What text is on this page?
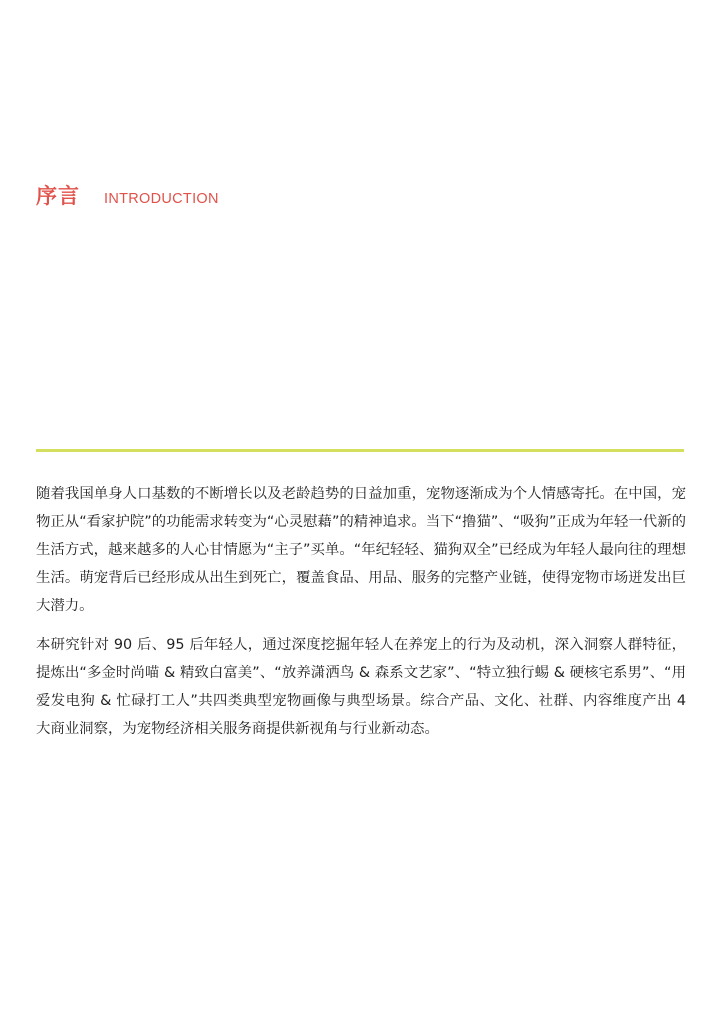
序言 INTRODUCTION

随着我国单身人口基数的不断增长以及老龄趋势的日益加重，宠物逐渐成为个人情感寄托。在中国，宠物正从“看家护院”的功能需求转变为“心灵慰藉”的精神追求。当下“撸猫”、“吸狗”正成为年轻一代新的生活方式，越来越多的人心甘情愿为“主子”买单。“年纪轻轻、猫狗双全”已经成为年轻人最向往的理想生活。萌宠背后已经形成从出生到死亡，覆盖食品、用品、服务的完整产业链，使得宠物市场迸发出巨大潜力。

本研究针对 90 后、95 后年轻人，通过深度挖掘年轻人在养宠上的行为及动机，深入洞察人群特征，提炼出“多金时尚喵 & 精致白富美”、“放养潇洒鸟 & 森系文艺家”、“特立独行蜴 & 硬核宅系男”、“用爱发电狗 & 忙碌打工人”共四类典型宠物画像与典型场景。综合产品、文化、社群、内容维度产出 4 大商业洞察，为宠物经济相关服务商提供新视角与行业新动态。
